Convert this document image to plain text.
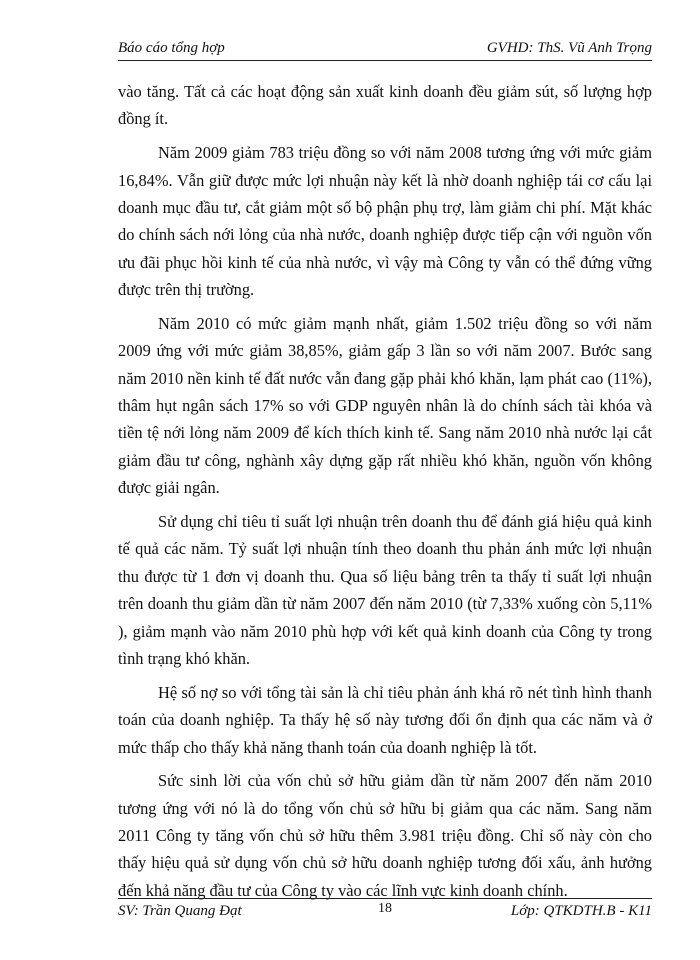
Báo cáo tổng hợp	GVHD: ThS. Vũ Anh Trọng

vào tăng. Tất cả các hoạt động sản xuất kinh doanh đều giảm sút, số lượng hợp đồng ít.

Năm 2009 giảm 783 triệu đồng so với năm 2008 tương ứng với mức giảm 16,84%. Vẫn giữ được mức lợi nhuận này kết là nhờ doanh nghiệp tái cơ cấu lại doanh mục đầu tư, cắt giảm một số bộ phận phụ trợ, làm giảm chi phí. Mặt khác do chính sách nới lỏng của nhà nước, doanh nghiệp được tiếp cận với nguồn vốn ưu đãi phục hồi kinh tế của nhà nước, vì vậy mà Công ty vẫn có thể đứng vững được trên thị trường.

Năm 2010 có mức giảm mạnh nhất, giảm 1.502 triệu đồng so với năm 2009 ứng với mức giảm 38,85%, giảm gấp 3 lần so với năm 2007. Bước sang năm 2010 nền kinh tế đất nước vẫn đang gặp phải khó khăn, lạm phát cao (11%), thâm hụt ngân sách 17% so với GDP nguyên nhân là do chính sách tài khóa và tiền tệ nới lỏng năm 2009 để kích thích kinh tế. Sang năm 2010 nhà nước lại cắt giảm đầu tư công, nghành xây dựng gặp rất nhiều khó khăn, nguồn vốn không được giải ngân.

Sử dụng chỉ tiêu tỉ suất lợi nhuận trên doanh thu để đánh giá hiệu quả kinh tế quả các năm. Tỷ suất lợi nhuận tính theo doanh thu phản ánh mức lợi nhuận thu được từ 1 đơn vị doanh thu. Qua số liệu bảng trên ta thấy tỉ suất lợi nhuận trên doanh thu giảm dần từ năm 2007 đến năm 2010 (từ 7,33% xuống còn 5,11% ), giảm mạnh vào năm 2010 phù hợp với kết quả kinh doanh của Công ty trong tình trạng khó khăn.

Hệ số nợ so với tổng tài sản là chỉ tiêu phản ánh khá rõ nét tình hình thanh toán của doanh nghiệp. Ta thấy hệ số này tương đối ổn định qua các năm và ở mức thấp cho thấy khả năng thanh toán của doanh nghiệp là tốt.

Sức sinh lời của vốn chủ sở hữu giảm dần từ năm 2007 đến năm 2010 tương ứng với nó là do tổng vốn chủ sở hữu bị giảm qua các năm. Sang năm 2011 Công ty tăng vốn chủ sở hữu thêm 3.981 triệu đồng. Chỉ số này còn cho thấy hiệu quả sử dụng vốn chủ sở hữu doanh nghiệp tương đối xấu, ảnh hưởng đến khả năng đầu tư của Công ty vào các lĩnh vực kinh doanh chính.

SV: Trần Quang Đạt	18	Lớp: QTKDTH.B - K11
